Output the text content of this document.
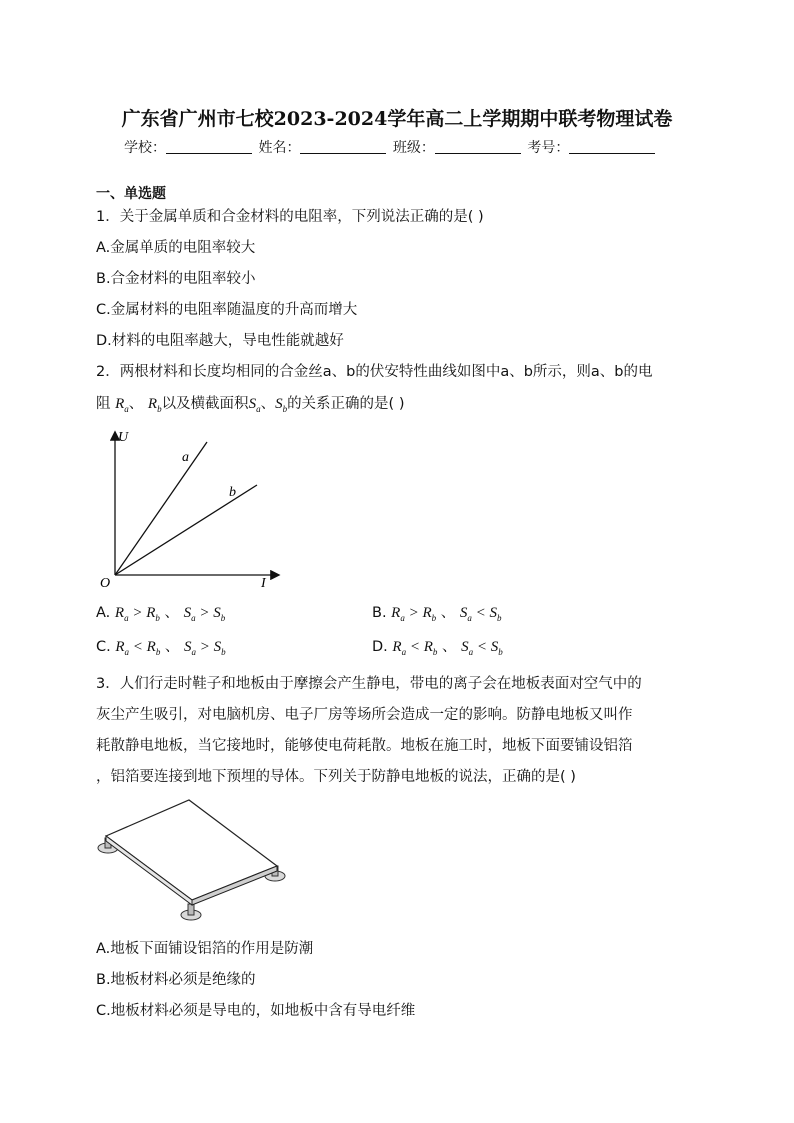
广东省广州市七校2023-2024学年高二上学期期中联考物理试卷
学校：	姓名：	班级：	考号：
一、单选题
1．关于金属单质和合金材料的电阻率，下列说法正确的是( )
A.金属单质的电阻率较大
B.合金材料的电阻率较小
C.金属材料的电阻率随温度的升高而增大
D.材料的电阻率越大，导电性能就越好
2．两根材料和长度均相同的合金丝a、b的伏安特性曲线如图中a、b所示，则a、b的电
阻 $R_a$、 $R_b$以及横截面积$S_a$、$S_b$的关系正确的是( )
U
I
O
a
b
A. $R_a > R_b$ 、 $S_a > S_b$	B. $R_a > R_b$ 、 $S_a < S_b$
C. $R_a < R_b$ 、 $S_a > S_b$	D. $R_a < R_b$ 、 $S_a < S_b$
3．人们行走时鞋子和地板由于摩擦会产生静电，带电的离子会在地板表面对空气中的
灰尘产生吸引，对电脑机房、电子厂房等场所会造成一定的影响。防静电地板又叫作
耗散静电地板，当它接地时，能够使电荷耗散。地板在施工时，地板下面要铺设铝箔
，铝箔要连接到地下预埋的导体。下列关于防静电地板的说法，正确的是( )
A.地板下面铺设铝箔的作用是防潮
B.地板材料必须是绝缘的
C.地板材料必须是导电的，如地板中含有导电纤维
